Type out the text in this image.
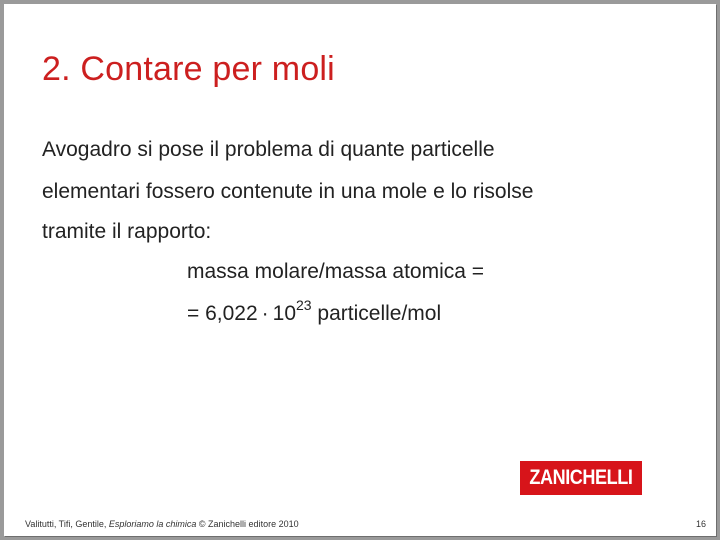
2. Contare per moli
Avogadro si pose il problema di quante particelle
elementari fossero contenute in una mole e lo risolse
tramite il rapporto:
massa molare/massa atomica =
= $6,022 \cdot 10^{23}$ particelle/mol
ZANICHELLI
Valitutti, Tifi, Gentile, Esploriamo la chimica © Zanichelli editore 2010	16
